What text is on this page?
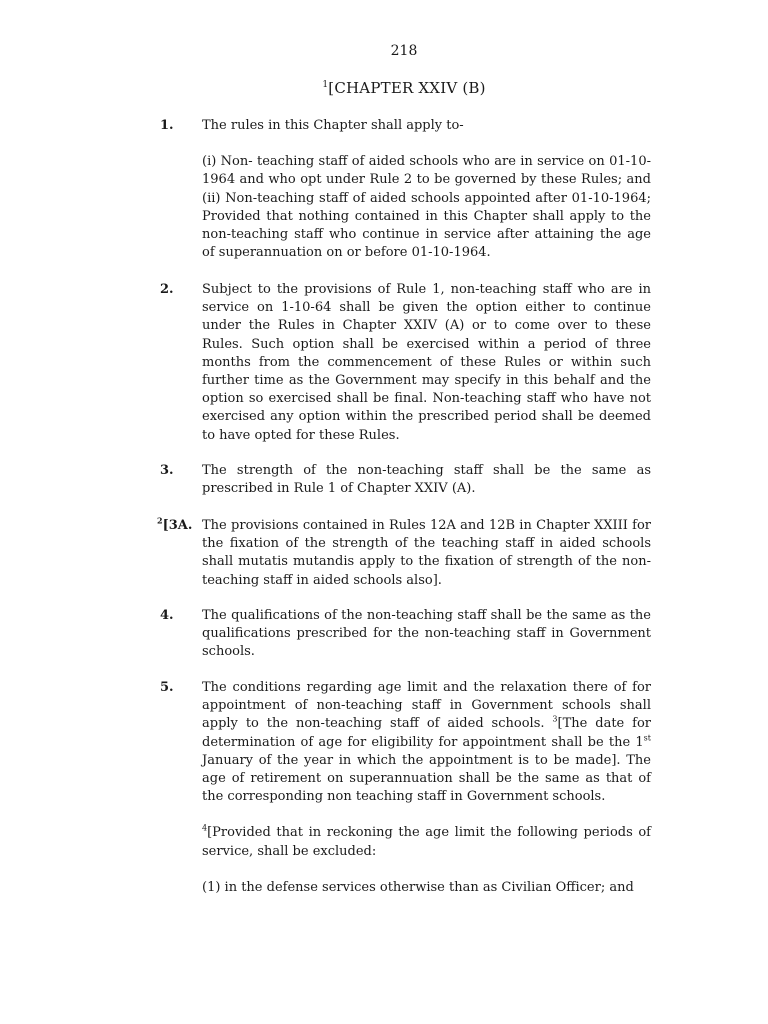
218
$^1$[CHAPTER XXIV (B)
1. The rules in this Chapter shall apply to-

(i) Non- teaching staff of aided schools who are in service on 01-10-1964 and who opt under Rule 2 to be governed by these Rules; and (ii) Non-teaching staff of aided schools appointed after 01-10-1964; Provided that nothing contained in this Chapter shall apply to the non-teaching staff who continue in service after attaining the age of superannuation on or before 01-10-1964.

2. Subject to the provisions of Rule 1, non-teaching staff who are in service on 1-10-64 shall be given the option either to continue under the Rules in Chapter XXIV (A) or to come over to these Rules. Such option shall be exercised within a period of three months from the commencement of these Rules or within such further time as the Government may specify in this behalf and the option so exercised shall be final. Non-teaching staff who have not exercised any option within the prescribed period shall be deemed to have opted for these Rules.

3. The strength of the non-teaching staff shall be the same as prescribed in Rule 1 of Chapter XXIV (A).

$^2$[3A. The provisions contained in Rules 12A and 12B in Chapter XXIII for the fixation of the strength of the teaching staff in aided schools shall mutatis mutandis apply to the fixation of strength of the non-teaching staff in aided schools also].

4. The qualifications of the non-teaching staff shall be the same as the qualifications prescribed for the non-teaching staff in Government schools.

5. The conditions regarding age limit and the relaxation there of for appointment of non-teaching staff in Government schools shall apply to the non-teaching staff of aided schools. $^3$[The date for determination of age for eligibility for appointment shall be the 1st January of the year in which the appointment is to be made]. The age of retirement on superannuation shall be the same as that of the corresponding non teaching staff in Government schools.

$^4$[Provided that in reckoning the age limit the following periods of service, shall be excluded:

(1) in the defense services otherwise than as Civilian Officer; and
